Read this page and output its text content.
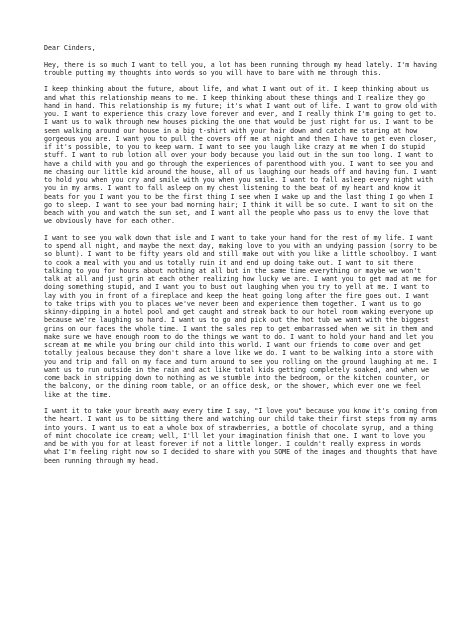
Dear Cinders,

Hey, there is so much I want to tell you, a lot has been running through my head lately. I'm having trouble putting my thoughts into words so you will have to bare with me through this.

I keep thinking about the future, about life, and what I want out of it. I keep thinking about us and what this relationship means to me. I keep thinking about these things and I realize they go hand in hand. This relationship is my future; it's what I want out of life. I want to grow old with you. I want to experience this crazy love forever and ever, and I really think I'm going to get to. I want us to walk through new houses picking the one that would be just right for us. I want to be seen walking around our house in a big t-shirt with your hair down and catch me staring at how gorgeous you are. I want you to pull the covers off me at night and then I have to get even closer, if it's possible, to you to keep warm. I want to see you laugh like crazy at me when I do stupid stuff. I want to rub lotion all over your body because you laid out in the sun too long. I want to have a child with you and go through the experiences of parenthood with you. I want to see you and me chasing our little kid around the house, all of us laughing our heads off and having fun. I want to hold you when you cry and smile with you when you smile. I want to fall asleep every night with you in my arms. I want to fall asleep on my chest listening to the beat of my heart and know it beats for you I want you to be the first thing I see when I wake up and the last thing I go when I go to sleep. I want to see your bad morning hair; I think it will be so cute. I want to sit on the beach with you and watch the sun set, and I want all the people who pass us to envy the love that we obviously have for each other.

I want to see you walk down that isle and I want to take your hand for the rest of my life. I want to spend all night, and maybe the next day, making love to you with an undying passion (sorry to be so blunt). I want to be fifty years old and still make out with you like a little schoolboy. I want to cook a meal with you and us totally ruin it and end up doing take out. I want to sit there talking to you for hours about nothing at all but in the same time everything or maybe we won't talk at all and just grin at each other realizing how lucky we are. I want you to get mad at me for doing something stupid, and I want you to bust out laughing when you try to yell at me. I want to lay with you in front of a fireplace and keep the heat going long after the fire goes out. I want to take trips with you to places we've never been and experience them together. I want us to go skinny-dipping in a hotel pool and get caught and streak back to our hotel room waking everyone up because we're laughing so hard. I want us to go and pick out the hot tub we want with the biggest grins on our faces the whole time. I want the sales rep to get embarrassed when we sit in them and make sure we have enough room to do the things we want to do. I want to hold your hand and let you scream at me while you bring our child into this world. I want our friends to come over and get totally jealous because they don't share a love like we do. I want to be walking into a store with you and trip and fall on my face and turn around to see you rolling on the ground laughing at me. I want us to run outside in the rain and act like total kids getting completely soaked, and when we come back in stripping down to nothing as we stumble into the bedroom, or the kitchen counter, or the balcony, or the dining room table, or an office desk, or the shower, which ever one we feel like at the time.

I want it to take your breath away every time I say, "I love you" because you know it's coming from the heart. I want us to be sitting there and watching our child take their first steps from my arms into yours. I want us to eat a whole box of strawberries, a bottle of chocolate syrup, and a thing of mint chocolate ice cream; well, I'll let your imagination finish that one. I want to love you and be with you for at least forever if not a little longer. I couldn't really express in words what I'm feeling right now so I decided to share with you SOME of the images and thoughts that have been running through my head.
